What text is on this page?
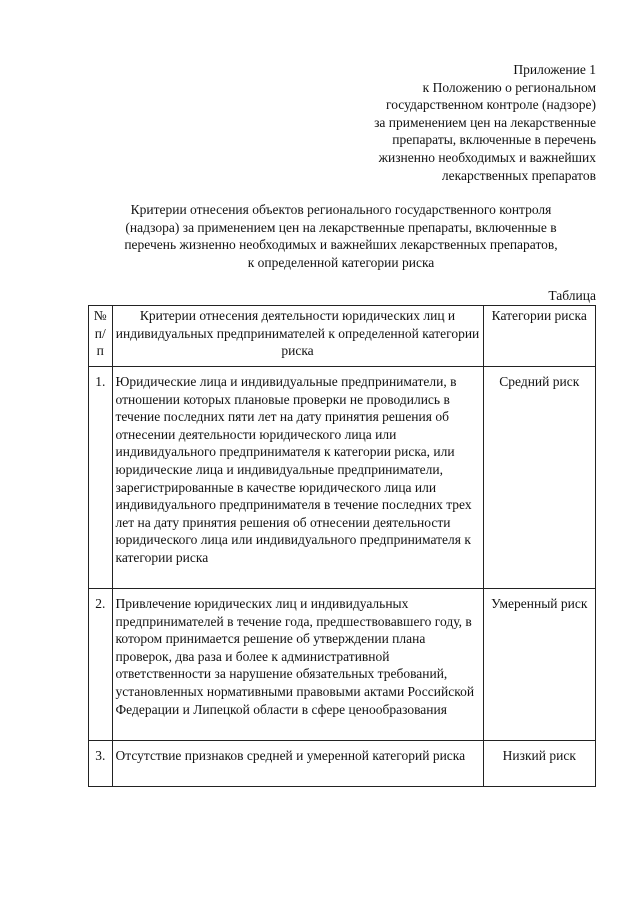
Приложение 1
к Положению о региональном
государственном контроле (надзоре)
за применением цен на лекарственные
препараты, включенные в перечень
жизненно необходимых и важнейших
лекарственных препаратов
Критерии отнесения объектов регионального государственного контроля
(надзора) за применением цен на лекарственные препараты, включенные в
перечень жизненно необходимых и важнейших лекарственных препаратов,
к определенной категории риска
Таблица
№ п/п	Критерии отнесения деятельности юридических лиц и индивидуальных предпринимателей к определенной категории риска	Категории риска
1.	Юридические лица и индивидуальные предприниматели, в отношении которых плановые проверки не проводились в течение последних пяти лет на дату принятия решения об отнесении деятельности юридического лица или индивидуального предпринимателя к категории риска, или юридические лица и индивидуальные предприниматели, зарегистрированные в качестве юридического лица или индивидуального предпринимателя в течение последних трех лет на дату принятия решения об отнесении деятельности юридического лица или индивидуального предпринимателя к категории риска	Средний риск
2.	Привлечение юридических лиц и индивидуальных предпринимателей в течение года, предшествовавшего году, в котором принимается решение об утверждении плана проверок, два раза и более к административной ответственности за нарушение обязательных требований, установленных нормативными правовыми актами Российской Федерации и Липецкой области в сфере ценообразования	Умеренный риск
3.	Отсутствие признаков средней и умеренной категорий риска	Низкий риск
